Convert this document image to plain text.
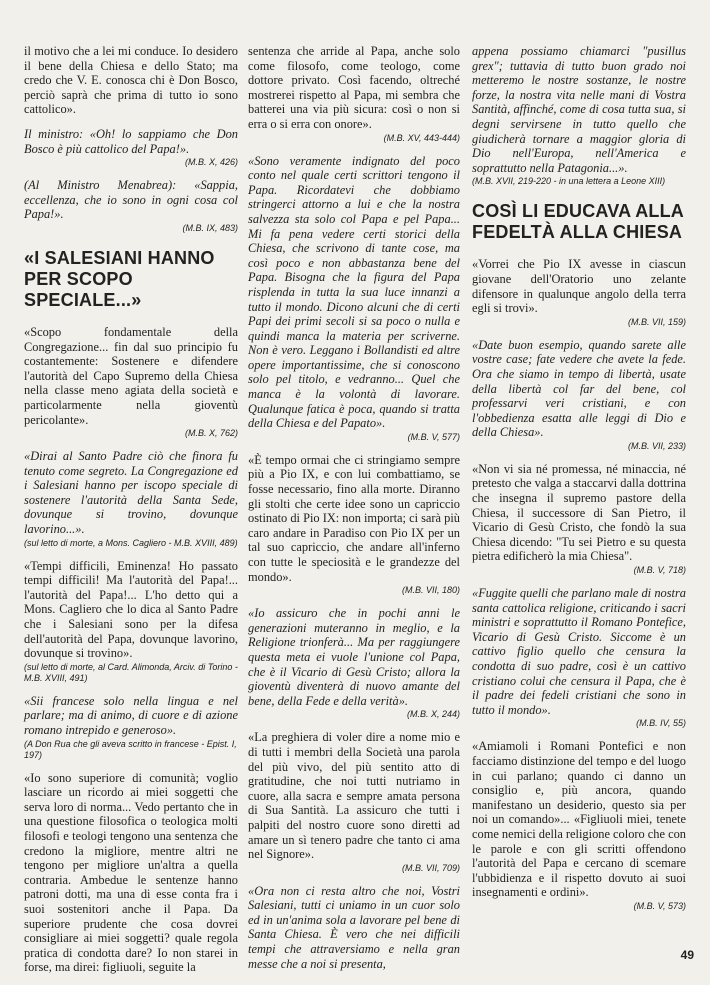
il motivo che a lei mi conduce. Io desidero il bene della Chiesa e dello Stato; ma credo che V. E. conosca chi è Don Bosco, perciò saprà che prima di tutto io sono cattolico».

Il ministro: «Oh! lo sappiamo che Don Bosco è più cattolico del Papa!».
(M.B. X, 426)

(Al Ministro Menabrea): «Sappia, eccellenza, che io sono in ogni cosa col Papa!».
(M.B. IX, 483)

«I SALESIANI HANNO PER SCOPO SPECIALE...»

«Scopo fondamentale della Congregazione... fin dal suo principio fu costantemente: Sostenere e difendere l'autorità del Capo Supremo della Chiesa nella classe meno agiata della società e particolarmente nella gioventù pericolante».
(M.B. X, 762)

«Dirai al Santo Padre ciò che finora fu tenuto come segreto. La Congregazione ed i Salesiani hanno per iscopo speciale di sostenere l'autorità della Santa Sede, dovunque si trovino, dovunque lavorino...».
(sul letto di morte, a Mons. Cagliero - M.B. XVIII, 489)

«Tempi difficili, Eminenza! Ho passato tempi difficili! Ma l'autorità del Papa!... l'autorità del Papa!... L'ho detto qui a Mons. Cagliero che lo dica al Santo Padre che i Salesiani sono per la difesa dell'autorità del Papa, dovunque lavorino, dovunque si trovino».
(sul letto di morte, al Card. Alimonda, Arciv. di Torino - M.B. XVIII, 491)

«Sii francese solo nella lingua e nel parlare; ma di animo, di cuore e di azione romano intrepido e generoso».
(A Don Rua che gli aveva scritto in francese - Epist. I, 197)

«Io sono superiore di comunità; voglio lasciare un ricordo ai miei soggetti che serva loro di norma... Vedo pertanto che in una questione filosofica o teologica molti filosofi e teologi tengono una sentenza che credono la migliore, mentre altri ne tengono per migliore un'altra a quella contraria. Ambedue le sentenze hanno patroni dotti, ma una di esse conta fra i suoi sostenitori anche il Papa. Da superiore prudente che cosa dovrei consigliare ai miei soggetti? quale regola pratica di condotta dare? Io non starei in forse, ma direi: figliuoli, seguite la

sentenza che arride al Papa, anche solo come filosofo, come teologo, come dottore privato. Così facendo, oltreché mostrerei rispetto al Papa, mi sembra che batterei una via più sicura: così o non si erra o si erra con onore».
(M.B. XV, 443-444)

«Sono veramente indignato del poco conto nel quale certi scrittori tengono il Papa. Ricordatevi che dobbiamo stringerci attorno a lui e che la nostra salvezza sta solo col Papa e pel Papa... Mi fa pena vedere certi storici della Chiesa, che scrivono di tante cose, ma così poco e non abbastanza bene del Papa. Bisogna che la figura del Papa risplenda in tutta la sua luce innanzi a tutto il mondo. Dicono alcuni che di certi Papi dei primi secoli si sa poco o nulla e quindi manca la materia per scriverne. Non è vero. Leggano i Bollandisti ed altre opere importantissime, che si conoscono solo pel titolo, e vedranno... Quel che manca è la volontà di lavorare. Qualunque fatica è poca, quando si tratta della Chiesa e del Papato».
(M.B. V, 577)

«È tempo ormai che ci stringiamo sempre più a Pio IX, e con lui combattiamo, se fosse necessario, fino alla morte. Diranno gli stolti che certe idee sono un capriccio ostinato di Pio IX: non importa; ci sarà più caro andare in Paradiso con Pio IX per un tal suo capriccio, che andare all'inferno con tutte le speciosità e le grandezze del mondo».
(M.B. VII, 180)

«Io assicuro che in pochi anni le generazioni muteranno in meglio, e la Religione trionferà... Ma per raggiungere questa meta ei vuole l'unione col Papa, che è il Vicario di Gesù Cristo; allora la gioventù diventerà di nuovo amante del bene, della Fede e della verità».
(M.B. X, 244)

«La preghiera di voler dire a nome mio e di tutti i membri della Società una parola del più vivo, del più sentito atto di gratitudine, che noi tutti nutriamo in cuore, alla sacra e sempre amata persona di Sua Santità. La assicuro che tutti i palpiti del nostro cuore sono diretti ad amare un sì tenero padre che tanto ci ama nel Signore».
(M.B. VII, 709)

«Ora non ci resta altro che noi, Vostri Salesiani, tutti ci uniamo in un cuor solo ed in un'anima sola a lavorare pel bene di Santa Chiesa. È vero che nei difficili tempi che attraversiamo e nella gran messe che a noi si presenta,

appena possiamo chiamarci "pusillus grex"; tuttavia di tutto buon grado noi metteremo le nostre sostanze, le nostre forze, la nostra vita nelle mani di Vostra Santità, affinché, come di cosa tutta sua, si degni servirsene in tutto quello che giudicherà tornare a maggior gloria di Dio nell'Europa, nell'America e soprattutto nella Patagonia...».
(M.B. XVII, 219-220 - in una lettera a Leone XIII)

COSÌ LI EDUCAVA ALLA FEDELTÀ ALLA CHIESA

«Vorrei che Pio IX avesse in ciascun giovane dell'Oratorio uno zelante difensore in qualunque angolo della terra egli si trovi».
(M.B. VII, 159)

«Date buon esempio, quando sarete alle vostre case; fate vedere che avete la fede. Ora che siamo in tempo di libertà, usate della libertà col far del bene, col professarvi veri cristiani, e con l'obbedienza esatta alle leggi di Dio e della Chiesa».
(M.B. VII, 233)

«Non vi sia né promessa, né minaccia, né pretesto che valga a staccarvi dalla dottrina che insegna il supremo pastore della Chiesa, il successore di San Pietro, il Vicario di Gesù Cristo, che fondò la sua Chiesa dicendo: "Tu sei Pietro e su questa pietra edificherò la mia Chiesa".
(M.B. V, 718)

«Fuggite quelli che parlano male di nostra santa cattolica religione, criticando i sacri ministri e soprattutto il Romano Pontefice, Vicario di Gesù Cristo. Siccome è un cattivo figlio quello che censura la condotta di suo padre, così è un cattivo cristiano colui che censura il Papa, che è il padre dei fedeli cristiani che sono in tutto il mondo».
(M.B. IV, 55)

«Amiamoli i Romani Pontefici e non facciamo distinzione del tempo e del luogo in cui parlano; quando ci danno un consiglio e, più ancora, quando manifestano un desiderio, questo sia per noi un comando»... «Figliuoli miei, tenete come nemici della religione coloro che con le parole e con gli scritti offendono l'autorità del Papa e cercano di scemare l'ubbidienza e il rispetto dovuto ai suoi insegnamenti e ordini».
(M.B. V, 573)

49
